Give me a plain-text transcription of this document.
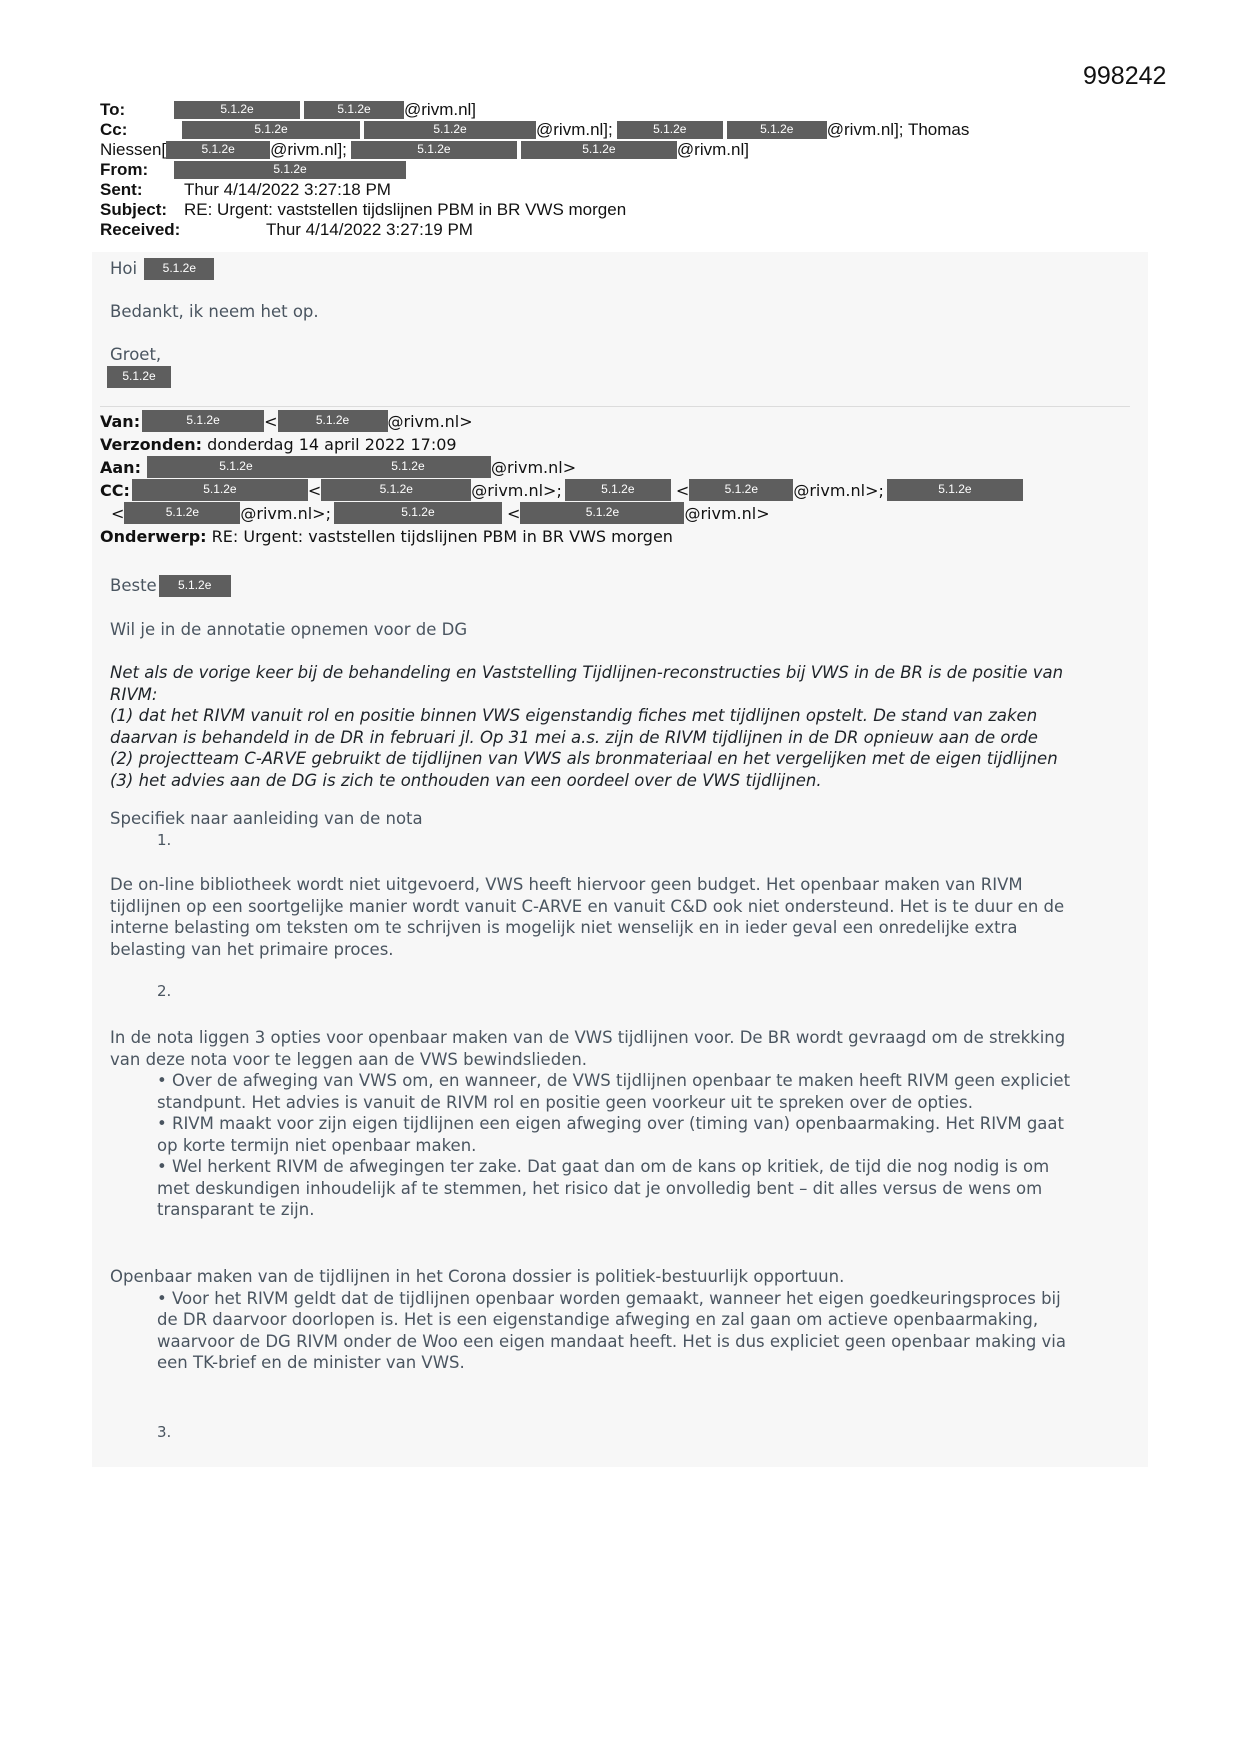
998242
To:	5.1.2e	5.1.2e @rivm.nl]
Cc:	5.1.2e	5.1.2e	@rivm.nl];	5.1.2e	5.1.2e @rivm.nl]; Thomas
Niessen[	5.1.2e @rivm.nl];	5.1.2e	5.1.2e	@rivm.nl]
From:	5.1.2e
Sent: Thur 4/14/2022 3:27:18 PM
Subject: RE: Urgent: vaststellen tijdslijnen PBM in BR VWS morgen
Received:	Thur 4/14/2022 3:27:19 PM
Hoi 5.1.2e
Bedankt, ik neem het op.
Groet,
5.1.2e
Van:	5.1.2e	<	5.1.2e @rivm.nl>
Verzonden: donderdag 14 april 2022 17:09
Aan:	5.1.2e	5.1.2e	@rivm.nl>
CC:	5.1.2e	<	5.1.2e	@rivm.nl>;	5.1.2e <	5.1.2e @rivm.nl>;	5.1.2e
<	5.1.2e	@rivm.nl>;	5.1.2e	<	5.1.2e	@rivm.nl>
Onderwerp: RE: Urgent: vaststellen tijdslijnen PBM in BR VWS morgen
Beste 5.1.2e
Wil je in de annotatie opnemen voor de DG
Net als de vorige keer bij de behandeling en Vaststelling Tijdlijnen-reconstructies bij VWS in de BR is de positie van
RIVM:
(1) dat het RIVM vanuit rol en positie binnen VWS eigenstandig fiches met tijdlijnen opstelt. De stand van zaken
daarvan is behandeld in de DR in februari jl. Op 31 mei a.s. zijn de RIVM tijdlijnen in de DR opnieuw aan de orde
(2) projectteam C-ARVE gebruikt de tijdlijnen van VWS als bronmateriaal en het vergelijken met de eigen tijdlijnen
(3) het advies aan de DG is zich te onthouden van een oordeel over de VWS tijdlijnen.
Specifiek naar aanleiding van de nota
1.
De on-line bibliotheek wordt niet uitgevoerd, VWS heeft hiervoor geen budget. Het openbaar maken van RIVM
tijdlijnen op een soortgelijke manier wordt vanuit C-ARVE en vanuit C&D ook niet ondersteund. Het is te duur en de
interne belasting om teksten om te schrijven is mogelijk niet wenselijk en in ieder geval een onredelijke extra
belasting van het primaire proces.
2.
In de nota liggen 3 opties voor openbaar maken van de VWS tijdlijnen voor. De BR wordt gevraagd om de strekking
van deze nota voor te leggen aan de VWS bewindslieden.
• Over de afweging van VWS om, en wanneer, de VWS tijdlijnen openbaar te maken heeft RIVM geen expliciet
standpunt. Het advies is vanuit de RIVM rol en positie geen voorkeur uit te spreken over de opties.
• RIVM maakt voor zijn eigen tijdlijnen een eigen afweging over (timing van) openbaarmaking. Het RIVM gaat
op korte termijn niet openbaar maken.
• Wel herkent RIVM de afwegingen ter zake. Dat gaat dan om de kans op kritiek, de tijd die nog nodig is om
met deskundigen inhoudelijk af te stemmen, het risico dat je onvolledig bent – dit alles versus de wens om
transparant te zijn.
Openbaar maken van de tijdlijnen in het Corona dossier is politiek-bestuurlijk opportuun.
• Voor het RIVM geldt dat de tijdlijnen openbaar worden gemaakt, wanneer het eigen goedkeuringsproces bij
de DR daarvoor doorlopen is. Het is een eigenstandige afweging en zal gaan om actieve openbaarmaking,
waarvoor de DG RIVM onder de Woo een eigen mandaat heeft. Het is dus expliciet geen openbaar making via
een TK-brief en de minister van VWS.
3.
